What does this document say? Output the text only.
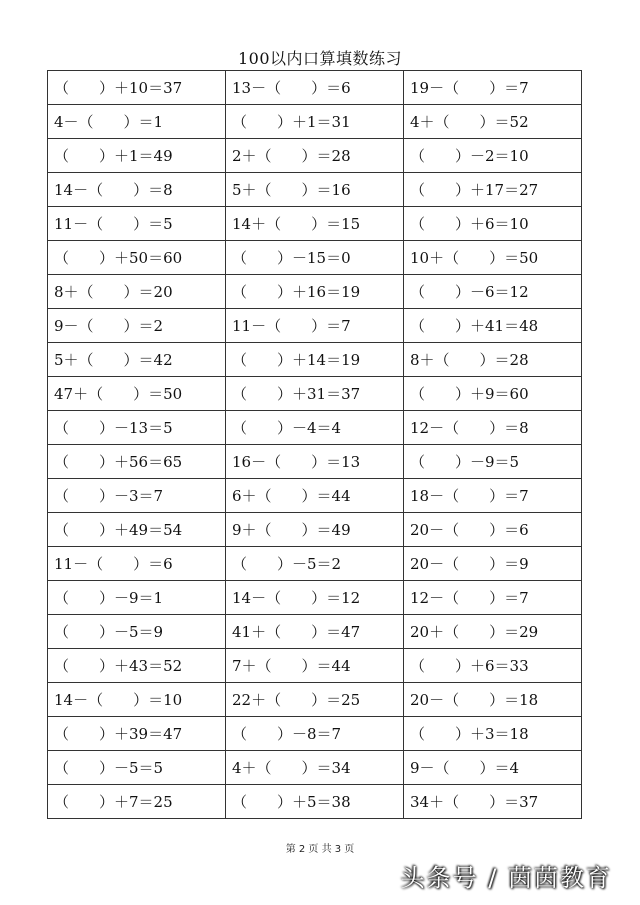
100以内口算填数练习
（　　）＋10＝37	13－（　　）＝6	19－（　　）＝7
4－（　　）＝1	（　　）＋1＝31	4＋（　　）＝52
（　　）＋1＝49	2＋（　　）＝28	（　　）－2＝10
14－（　　）＝8	5＋（　　）＝16	（　　）＋17＝27
11－（　　）＝5	14＋（　　）＝15	（　　）＋6＝10
（　　）＋50＝60	（　　）－15＝0	10＋（　　）＝50
8＋（　　）＝20	（　　）＋16＝19	（　　）－6＝12
9－（　　）＝2	11－（　　）＝7	（　　）＋41＝48
5＋（　　）＝42	（　　）＋14＝19	8＋（　　）＝28
47＋（　　）＝50	（　　）＋31＝37	（　　）＋9＝60
（　　）－13＝5	（　　）－4＝4	12－（　　）＝8
（　　）＋56＝65	16－（　　）＝13	（　　）－9＝5
（　　）－3＝7	6＋（　　）＝44	18－（　　）＝7
（　　）＋49＝54	9＋（　　）＝49	20－（　　）＝6
11－（　　）＝6	（　　）－5＝2	20－（　　）＝9
（　　）－9＝1	14－（　　）＝12	12－（　　）＝7
（　　）－5＝9	41＋（　　）＝47	20＋（　　）＝29
（　　）＋43＝52	7＋（　　）＝44	（　　）＋6＝33
14－（　　）＝10	22＋（　　）＝25	20－（　　）＝18
（　　）＋39＝47	（　　）－8＝7	（　　）＋3＝18
（　　）－5＝5	4＋（　　）＝34	9－（　　）＝4
（　　）＋7＝25	（　　）＋5＝38	34＋（　　）＝37
第 2 页 共 3 页
头条号 / 茵茵教育
